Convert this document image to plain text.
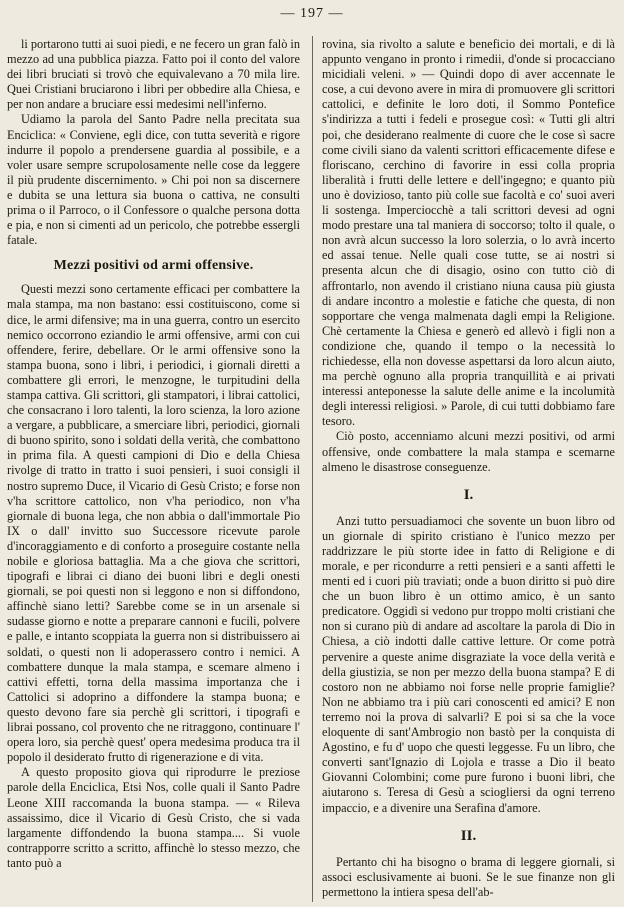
— 197 —

li portarono tutti ai suoi piedi, e ne fecero un gran falò in mezzo ad una pubblica piazza. Fatto poi il conto del valore dei libri bruciati si trovò che equivalevano a 70 mila lire. Quei Cristiani bruciarono i libri per obbedire alla Chiesa, e per non andare a bruciare essi medesimi nell'inferno.

Udiamo la parola del Santo Padre nella precitata sua Enciclica: « Conviene, egli dice, con tutta severità e rigore indurre il popolo a prendersene guardia al possibile, e a voler usare sempre scrupolosamente nelle cose da leggere il più prudente discernimento. » Chi poi non sa discernere e dubita se una lettura sia buona o cattiva, ne consulti prima o il Parroco, o il Confessore o qualche persona dotta e pia, e non si cimenti ad un pericolo, che potrebbe essergli fatale.

Mezzi positivi od armi offensive.

Questi mezzi sono certamente efficaci per combattere la mala stampa, ma non bastano: essi costituiscono, come si dice, le armi difensive; ma in una guerra, contro un esercito nemico occorrono eziandio le armi offensive, armi con cui offendere, ferire, debellare. Or le armi offensive sono la stampa buona, sono i libri, i periodici, i giornali diretti a combattere gli errori, le menzogne, le turpitudini della stampa cattiva. Gli scrittori, gli stampatori, i librai cattolici, che consacrano i loro talenti, la loro scienza, la loro azione a vergare, a pubblicare, a smerciare libri, periodici, giornali di buono spirito, sono i soldati della verità, che combattono in prima fila. A questi campioni di Dio e della Chiesa rivolge di tratto in tratto i suoi pensieri, i suoi consigli il nostro supremo Duce, il Vicario di Gesù Cristo; e forse non v'ha scrittore cattolico, non v'ha periodico, non v'ha giornale di buona lega, che non abbia o dall'immortale Pio IX o dall' invitto suo Successore ricevute parole d'incoraggiamento e di conforto a proseguire costante nella nobile e gloriosa battaglia. Ma a che giova che scrittori, tipografi e librai ci diano dei buoni libri e degli onesti giornali, se poi questi non si leggono e non si diffondono, affinchè siano letti? Sarebbe come se in un arsenale si sudasse giorno e notte a preparare cannoni e fucili, polvere e palle, e intanto scoppiata la guerra non si distribuissero ai soldati, o questi non li adoperassero contro i nemici. A combattere dunque la mala stampa, e scemare almeno i cattivi effetti, torna della massima importanza che i Cattolici si adoprino a diffondere la stampa buona; e questo devono fare sia perchè gli scrittori, i tipografi e librai possano, col provento che ne ritraggono, continuare l' opera loro, sia perchè quest' opera medesima produca tra il popolo il desiderato frutto di rigenerazione e di vita.

A questo proposito giova qui riprodurre le preziose parole della Enciclica, Etsi Nos, colle quali il Santo Padre Leone XIII raccomanda la buona stampa. — « Rileva assaissimo, dice il Vicario di Gesù Cristo, che si vada largamente diffondendo la buona stampa.... Si vuole contrapporre scritto a scritto, affinchè lo stesso mezzo, che tanto può a

rovina, sia rivolto a salute e beneficio dei mortali, e di là appunto vengano in pronto i rimedii, d'onde si procacciano micidiali veleni. » — Quindi dopo di aver accennate le cose, a cui devono avere in mira di promuovere gli scrittori cattolici, e definite le loro doti, il Sommo Pontefice s'indirizza a tutti i fedeli e prosegue così: « Tutti gli altri poi, che desiderano realmente di cuore che le cose sì sacre come civili siano da valenti scrittori efficacemente difese e floriscano, cerchino di favorire in essi colla propria liberalità i frutti delle lettere e dell'ingegno; e quanto più uno è dovizioso, tanto più colle sue facoltà e co' suoi averi li sostenga. Imperciocchè a tali scrittori devesi ad ogni modo prestare una tal maniera di soccorso; tolto il quale, o non avrà alcun successo la loro solerzia, o lo avrà incerto ed assai tenue. Nelle quali cose tutte, se ai nostri si presenta alcun che di disagio, osino con tutto ciò di affrontarlo, non avendo il cristiano niuna causa più giusta di andare incontro a molestie e fatiche che questa, di non sopportare che venga malmenata dagli empi la Religione. Chè certamente la Chiesa e generò ed allevò i figli non a condizione che, quando il tempo o la necessità lo richiedesse, ella non dovesse aspettarsi da loro alcun aiuto, ma perchè ognuno alla propria tranquillità e ai privati interessi anteponesse la salute delle anime e la incolumità degli interessi religiosi. » Parole, di cui tutti dobbiamo fare tesoro.

Ciò posto, accenniamo alcuni mezzi positivi, od armi offensive, onde combattere la mala stampa e scemarne almeno le disastrose conseguenze.

I.

Anzi tutto persuadiamoci che sovente un buon libro od un giornale di spirito cristiano è l'unico mezzo per raddrizzare le più storte idee in fatto di Religione e di morale, e per ricondurre a retti pensieri e a santi affetti le menti ed i cuori più traviati; onde a buon diritto si può dire che un buon libro è un ottimo amico, è un santo predicatore. Oggidì si vedono pur troppo molti cristiani che non si curano più di andare ad ascoltare la parola di Dio in Chiesa, a ciò indotti dalle cattive letture. Or come potrà pervenire a queste anime disgraziate la voce della verità e della giustizia, se non per mezzo della buona stampa? E di costoro non ne abbiamo noi forse nelle proprie famiglie? Non ne abbiamo tra i più cari conoscenti ed amici? E non terremo noi la prova di salvarli? E poi si sa che la voce eloquente di sant'Ambrogio non bastò per la conquista di Agostino, e fu d' uopo che questi leggesse. Fu un libro, che converti sant'Ignazio di Lojola e trasse a Dio il beato Giovanni Colombini; come pure furono i buoni libri, che aiutarono s. Teresa di Gesù a sciogliersi da ogni terreno impaccio, e a divenire una Serafina d'amore.

II.

Pertanto chi ha bisogno o brama di leggere giornali, si associ esclusivamente ai buoni. Se le sue finanze non gli permettono la intiera spesa dell'ab-
